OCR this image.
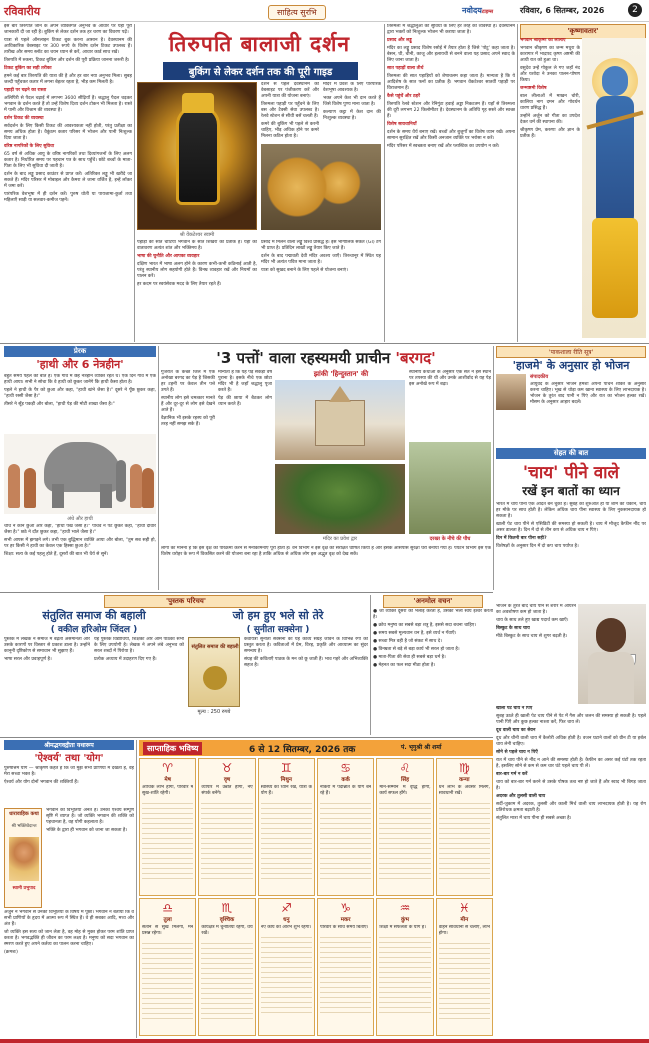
रविवारीय	साहित्य सुरभि	नवोदयटाइम्स	रविवार, 6 सितम्बर, 2026	2

इस बार तिरुपति जाने के अपने व्यक्तिगत अनुभव के आधार पर यहाँ पूरी जानकारी दी जा रही है। बुकिंग से लेकर दर्शन तक हर चरण का विवरण पढ़ें।

यात्रा से पहले ऑनलाइन टिकट बुक करना आसान है। देवस्थानम की आधिकारिक वेबसाइट पर 300 रुपये के विशेष दर्शन टिकट उपलब्ध हैं। तारीख और समय स्लॉट का चयन ध्यान से करें, आधार कार्ड साथ रखें।

तिरुपति में रुकना, टिकट बुकिंग और दर्शन की पूरी प्रक्रिया जानना जरूरी है।

टिकट बुकिंग का सही तरीका

हमने कई बार तिरुपति की यात्रा की है और हर बार नया अनुभव मिला। सुबह जल्दी पहुँचकर कतार में लगना बेहतर रहता है, भीड़ कम मिलती है।

पहाड़ी पर चढ़ने का रास्ता

अलिपिरी से पैदल चढ़ाई में लगभग 3600 सीढ़ियाँ हैं। श्रद्धालु पैदल चढ़कर भगवान के दर्शन करते हैं तो उन्हें विशेष दिव्य दर्शन टोकन भी मिलता है। रास्ते में पानी और विश्राम की व्यवस्था है।

दर्शन टिकट की व्यवस्था

सर्वदर्शन के लिए किसी टिकट की आवश्यकता नहीं होती, परंतु प्रतीक्षा का समय अधिक होता है। वैकुंठम कतार परिसर में भोजन और पानी निःशुल्क दिया जाता है।

वरिष्ठ नागरिकों के लिए सुविधा

65 वर्ष से अधिक आयु के वरिष्ठ नागरिकों तथा दिव्यांगजनों के लिए अलग कतार है। निर्धारित समय पर पहचान पत्र के साथ पहुँचें। छोटे बच्चों के माता-पिता के लिए भी सुविधा दी जाती है।

दर्शन के बाद लड्डू प्रसाद काउंटर से प्राप्त करें। अतिरिक्त लड्डू भी खरीदे जा सकते हैं। मंदिर परिसर में मोबाइल और कैमरा ले जाना वर्जित है, इन्हें लॉकर में जमा करें।

पारंपरिक वेशभूषा में ही दर्शन करें। पुरुष धोती या पायजामा-कुर्ता तथा महिलाएँ साड़ी या सलवार-कमीज पहनें।

तिरुपति बालाजी दर्शन
बुकिंग से लेकर दर्शन तक की पूरी गाइड

दर्शन से पहले देवस्थानम की वेबसाइट पर पंजीकरण करें और अपनी यात्रा की योजना बनाएं।

तिरुमला पहाड़ी पर पहुँचने के लिए बस और टैक्सी सेवा उपलब्ध है। रेलवे स्टेशन से सीधी बसें चलती हैं।

कमरे की बुकिंग भी पहले से करनी चाहिए, भीड़ अधिक होने पर कमरे मिलना कठिन होता है।

मंदिर में प्रवेश के लिए पारंपरिक वेशभूषा आवश्यक है।

भक्त अपने केश भी दान करते हैं जिसे विशेष पुण्य माना जाता है।

कल्याण कट्टा में केश दान की निःशुल्क व्यवस्था है।

श्री वेंकटेश्वर स्वामी

पहाड़ी की सात चोटियाँ भगवान के सात शिखरों का प्रतीक हैं। यहाँ का वातावरण अत्यंत शांत और भक्तिमय है।

भाषा की चुनौति और आपका व्यवहार

दक्षिण भारत में भाषा अलग होने के कारण कभी-कभी कठिनाई आती है, परंतु स्थानीय लोग सहयोगी होते हैं। विनम्र व्यवहार रखें और नियमों का पालन करें।

हर कदम पर स्वयंसेवक मदद के लिए तैयार रहते हैं।

प्रसाद में मिलने वाला लड्डू विश्व प्रसिद्ध है। इसे भौगोलिक संकेत (GI) टैग भी प्राप्त है। प्रतिदिन लाखों लड्डू तैयार किए जाते हैं।

दर्शन के बाद पद्मावती देवी मंदिर अवश्य जाएँ। तिरुचानूर में स्थित यह मंदिर भी अत्यंत पवित्र माना जाता है।

यात्रा को सुखद बनाने के लिए पहले से योजना बनाएं।

तिरुमला में श्रद्धालुओं की सुविधा के लिए हर तरह की व्यवस्था है। देवस्थानम द्वारा भक्तों को निःशुल्क भोजन भी कराया जाता है।

प्रसाद और लड्डू

मंदिर का लड्डू प्रसाद विशेष रसोई में तैयार होता है जिसे 'पोटु' कहा जाता है। बेसन, घी, चीनी, काजू और इलायची से बनने वाला यह प्रसाद अपने स्वाद के लिए जाना जाता है।

सात पहाड़ों वाला तीर्थ

तिरुमला की सात पहाड़ियों को शेषाचलम कहा जाता है। मान्यता है कि ये आदिशेष के सात फनों का प्रतीक हैं। भगवान वेंकटेश्वर सातवीं पहाड़ी पर विराजमान हैं।

कैसे पहुंचें और ठहरें

तिरुपति रेलवे स्टेशन और रेनिगुंटा हवाई अड्डा निकटतम हैं। यहाँ से तिरुमला की दूरी लगभग 22 किलोमीटर है। देवस्थानम के अतिथि गृह सस्ते और स्वच्छ हैं।

विशेष सावधानियाँ

दर्शन के समय धैर्य बनाए रखें। बच्चों और बुजुर्गों का विशेष ध्यान रखें। अपना सामान सुरक्षित रखें और किसी अनजान व्यक्ति पर भरोसा न करें।

मंदिर परिसर में स्वच्छता बनाए रखें और प्लास्टिक का उपयोग न करें।

'कृष्णावतार'

भगवान श्रीकृष्ण की लीलाएँ

भगवान श्रीकृष्ण का जन्म मथुरा के कारागार में भाद्रपद कृष्ण अष्टमी की आधी रात को हुआ था।

वसुदेव उन्हें गोकुल ले गए जहाँ नंद और यशोदा ने उनका पालन-पोषण किया।

जन्माष्टमी विशेष

बाल लीलाओं में माखन चोरी, कालिया नाग दमन और गोवर्धन धारण प्रसिद्ध हैं।

उन्होंने अर्जुन को गीता का उपदेश देकर धर्म की स्थापना की।

श्रीकृष्ण प्रेम, करुणा और ज्ञान के प्रतीक हैं।

प्रेरक
'हाथी और 6 नेत्रहीन'

बहुत समय पहले की बात है। एक गाँव में छह नेत्रहीन व्यक्ति रहते थे। एक दिन गाँव में एक हाथी आया। सभी ने सोचा कि वे हाथी को छूकर जानेंगे कि हाथी कैसा होता है।

पहले ने हाथी के पैर को छुआ और कहा, "हाथी खंभे जैसा है।" दूसरे ने पूँछ छूकर कहा, "हाथी रस्सी जैसा है।"

तीसरे ने सूँड़ पकड़ी और बोला, "हाथी पेड़ की मोटी शाखा जैसा है।"

अंधे और हाथी

चौथे ने कान छुआ और कहा, "हाथी पंखे जैसा है।" पाँचवें ने पेट छूकर कहा, "हाथी दीवार जैसा है।" छठे ने दाँत छूकर कहा, "हाथी भाले जैसा है।"

सभी आपस में झगड़ने लगे। तभी एक बुद्धिमान व्यक्ति आया और बोला, "तुम सब सही हो, पर हर किसी ने हाथी का केवल एक हिस्सा छुआ है।"

शिक्षा: सत्य के कई पहलू होते हैं, दूसरों की बात भी धैर्य से सुनें।

'3 पत्तों' वाला रहस्यमयी प्राचीन 'बरगद'

गुजरात के कच्छ जिले में एक अनोखा बरगद का पेड़ है जिसकी हर टहनी पर केवल तीन पत्ते उगते हैं।

स्थानीय लोग इसे चमत्कार मानते हैं और दूर-दूर से लोग इसे देखने आते हैं।

वैज्ञानिक भी इसके रहस्य को पूरी तरह नहीं समझ सके हैं।

मान्यता है कि यह पेड़ सैकड़ों वर्ष पुराना है। इसके नीचे एक छोटा मंदिर भी है जहाँ श्रद्धालु पूजा करते हैं।

पेड़ की छाया में बैठकर लोग ध्यान करते हैं।

झांकी 'हिन्दुस्तान' की
मंदिर का प्रवेश द्वार

स्थानीय कथाओं के अनुसार एक संत ने इस स्थान पर तपस्या की थी और उनके आशीर्वाद से यह पेड़ इस अनोखे रूप में बढ़ा।

दरख्त के नीचे की पौध

लोगों का मानना है कि इस वृक्ष की परिक्रमा करने से मनोकामनाएं पूरी होती हैं। वन विभाग ने इस वृक्ष को संरक्षित घोषित किया है और इसके आसपास सुरक्षा घेरा बनाया गया है। पर्यटन विभाग इसे एक विशेष धरोहर के रूप में विकसित करने की योजना बना रहा है ताकि अधिक से अधिक लोग इस अद्भुत वृक्ष को देख सकें।

'पाकशाला रीति सूत्र'
'हाजमे' के अनुसार हो भोजन
संपादकीय

आयुर्वेद के अनुसार भोजन हमेशा अपनी पाचन शक्ति के अनुसार करना चाहिए। भूख से थोड़ा कम खाना स्वास्थ्य के लिए लाभदायक है। भोजन के तुरंत बाद पानी न पिएं और रात का भोजन हल्का रखें। मौसम के अनुसार आहार बदलें।

सेहत की बात
'चाय' पीने वाले
रखें इन बातों का ध्यान

भारत में चाय पीना एक आदत बन चुकी है। सुबह की शुरुआत हो या शाम की थकान, चाय हर मौके पर साथ होती है। लेकिन अधिक चाय पीना स्वास्थ्य के लिए नुकसानदायक हो सकता है।

खाली पेट चाय पीने से एसिडिटी की समस्या हो सकती है। चाय में मौजूद कैफीन नींद पर असर डालता है। दिन में दो से तीन कप से अधिक चाय न पिएं।

दिन में कितनी बार पीना सही?

विशेषज्ञों के अनुसार दिन में दो कप चाय पर्याप्त है।

भोजन के तुरंत बाद चाय पीने से शरीर में आयरन का अवशोषण कम हो जाता है।

चाय के साथ तले हुए खाद्य पदार्थ कम खाएँ।

बिस्कुट के साथ चाय

मीठे बिस्कुट के साथ चाय से शुगर बढ़ती है।

खाली पेट चाय न पिएँ

सुबह उठते ही खाली पेट चाय पीने से पेट में गैस और जलन की समस्या हो सकती है। पहले पानी पिएँ और कुछ हल्का नाश्ता करें, फिर चाय लें।

दूध वाली चाय का सेवन

दूध और चीनी वाली चाय में कैलोरी अधिक होती है। वजन घटाने वालों को ग्रीन टी या हर्बल चाय लेनी चाहिए।

सोने से पहले चाय न पिएँ

रात में चाय पीने से नींद न आने की समस्या होती है। कैफीन का असर कई घंटों तक रहता है, इसलिए सोने से कम से कम चार घंटे पहले चाय पी लें।

बार-बार गर्म न करें

चाय को बार-बार गर्म करने से उसके पोषक तत्व नष्ट हो जाते हैं और स्वाद भी बिगड़ जाता है।

अदरक और तुलसी वाली चाय

सर्दी-जुकाम में अदरक, तुलसी और काली मिर्च वाली चाय लाभदायक होती है। यह रोग प्रतिरोधक क्षमता बढ़ाती है।

संतुलित मात्रा में चाय पीना ही सबसे अच्छा है।

'पुस्तक परिचय'
संतुलित समाज की बहाली
( वकील हरिओम जिंदल )
जो हम हुए भले सो तेरे
( सुनीता सक्सेना )

पुस्तक में लेखक ने समाज में बढ़ती असमानता और उसके कारणों पर विस्तार से प्रकाश डाला है। उन्होंने कानूनी दृष्टिकोण से समाधान भी सुझाए हैं।

भाषा सरल और प्रवाहपूर्ण है।

यह पुस्तक विद्यार्थियों, शिक्षकों और आम पाठकों सभी के लिए उपयोगी है। लेखक ने अपने लंबे अनुभव को सरल शब्दों में पिरोया है।

प्रत्येक अध्याय में उदाहरण दिए गए हैं।

संतुलित समाज की बहाली
मूल्य : 250 रुपये

कवयित्री सुनीता सक्सेना का यह काव्य संग्रह जीवन के विभिन्न रंगों को प्रस्तुत करता है। कविताओं में प्रेम, विरह, प्रकृति और आध्यात्म का सुंदर समन्वय है।

संग्रह की कविताएँ पाठक के मन को छू जाती हैं। भाव गहरे और अभिव्यक्ति सहज है।

'अनमोल वचन'

● जो व्यक्ति दूसरों की भलाई करता है, उसका भला स्वयं ईश्वर करता है।

● क्रोध मनुष्य का सबसे बड़ा शत्रु है, इससे सदा बचना चाहिए।

● समय सबसे मूल्यवान धन है, इसे व्यर्थ न गँवाएँ।

● सच्चा मित्र वही है जो संकट में साथ दे।

● विनम्रता से बड़े से बड़ा कार्य भी सरल हो जाता है।

● माता-पिता की सेवा ही सबसे बड़ा धर्म है।

● मेहनत का फल सदा मीठा होता है।

श्रीमद्भगवद्गीता यथारूप
'ऐश्वर्य' तथा 'योग'

पुरुषोत्तम योग — श्रीकृष्ण कहते हैं कि जो मुझे सभी प्राणियों में देखता है, वह मेरा सच्चा भक्त है।

ऐश्वर्य और योग दोनों भगवान की शक्तियाँ हैं।

धारावाहिक कथा
श्री भक्तिवेदान्त
स्वामी प्रभुपाद

भगवान की विभूतियाँ अनंत हैं। उनका ऐश्वर्य सम्पूर्ण सृष्टि में व्याप्त है। जो व्यक्ति भगवान की शक्ति को पहचानता है, वह योगी कहलाता है।

भक्ति के द्वारा ही भगवान को जाना जा सकता है।

अर्जुन ने भगवान से उनकी विभूतियों के विषय में पूछा। भगवान ने बताया कि वे सभी प्राणियों के हृदय में आत्मा रूप में स्थित हैं। वे ही सबका आदि, मध्य और अंत हैं।

जो व्यक्ति इस सत्य को जान लेता है, वह मोह से मुक्त होकर परम शांति प्राप्त करता है। भगवद्भक्ति ही जीवन का परम लक्ष्य है। मनुष्य को सदा भगवान का स्मरण करते हुए अपने कर्तव्य का पालन करना चाहिए।

(क्रमशः)

साप्ताहिक भविष्य	6 से 12 सितम्बर, 2026 तक	पं. भृगुश्री श्री शर्मा
♈
मेष
आर्थिक लाभ होगा, परिवार में सुख-शांति रहेगी।
♉
वृष
व्यापार में उन्नति होगी, नए संपर्क बनेंगे।
♊
मिथुन
स्वास्थ्य का ध्यान रखें, यात्रा के योग हैं।
♋
कर्क
नौकरी में पदोन्नति के योग बन रहे हैं।
♌
सिंह
मान-सम्मान में वृद्धि होगी, कार्य सफल होंगे।
♍
कन्या
धन लाभ के अवसर मिलेंगे, सावधानी रखें।
♎
तुला
संतान से सुख मिलेगा, मन प्रसन्न रहेगा।
♏
वृश्चिक
कार्यक्षेत्र में चुनौतियाँ रहेंगी, धैर्य रखें।
♐
धनु
नए कार्य का आरंभ शुभ रहेगा।
♑
मकर
परिवार के साथ समय बिताएँ।
♒
कुंभ
शिक्षा में सफलता के योग हैं।
♓
मीन
वाहन सावधानी से चलाएँ, लाभ होगा।
